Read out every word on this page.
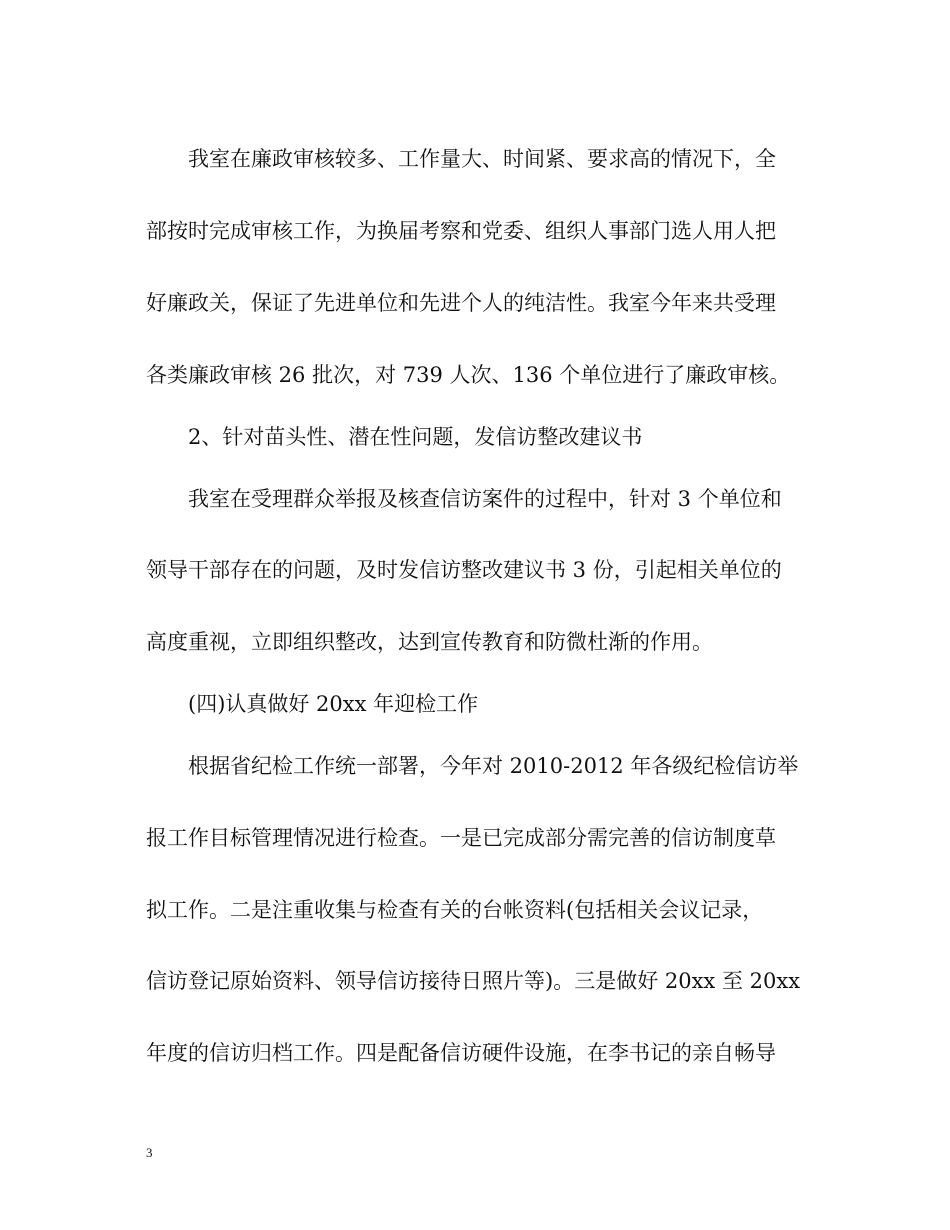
我室在廉政审核较多、工作量大、时间紧、要求高的情况下，全
部按时完成审核工作，为换届考察和党委、组织人事部门选人用人把
好廉政关，保证了先进单位和先进个人的纯洁性。我室今年来共受理
各类廉政审核 26 批次，对 739 人次、136 个单位进行了廉政审核。
2、针对苗头性、潜在性问题，发信访整改建议书
我室在受理群众举报及核查信访案件的过程中，针对 3 个单位和
领导干部存在的问题，及时发信访整改建议书 3 份，引起相关单位的
高度重视，立即组织整改，达到宣传教育和防微杜渐的作用。
(四)认真做好 20xx 年迎检工作
根据省纪检工作统一部署，今年对 2010-2012 年各级纪检信访举
报工作目标管理情况进行检查。一是已完成部分需完善的信访制度草
拟工作。二是注重收集与检查有关的台帐资料(包括相关会议记录，
信访登记原始资料、领导信访接待日照片等)。三是做好 20xx 至 20xx
年度的信访归档工作。四是配备信访硬件设施，在李书记的亲自畅导
3
